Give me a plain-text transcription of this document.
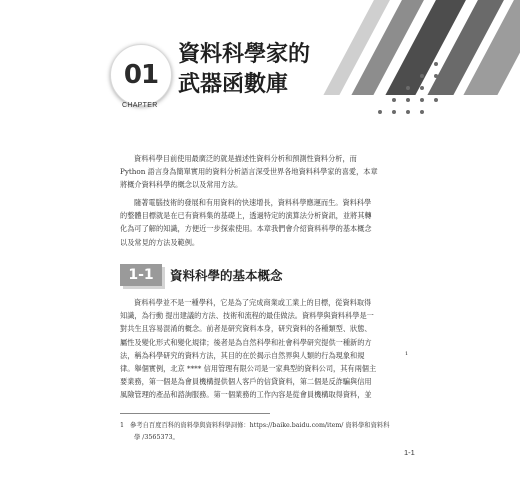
01
CHAPTER
資料科學家的
武器函數庫
資料科學目前使用最廣泛的就是描述性資料分析和預測性資料分析，而
Python 語言身為簡單實用的資料分析語言深受世界各地資料科學家的喜愛，本章
將概介資料科學的概念以及常用方法。
隨著電腦技術的發展和有用資料的快速增長，資料科學應運而生。資料科學
的整體目標就是在已有資料集的基礎上，透過特定的演算法分析資訊，並將其轉
化為可了解的知識，方便近一步探索使用。本章我們會介紹資料科學的基本概念
以及常見的方法及範例。
1-1	資料科學的基本概念
資料科學並不是一種學科，它是為了完成商業或工業上的目標，從資料取得
知識，為行動 提出建議的方法、技術和流程的最佳做法。資料學與資料科學是一
對共生且容易混淆的概念。前者是研究資料本身，研究資料的各種類型、狀態、
屬性及變化形式和變化規律；後者是為自然科學和社會科學研究提供一種新的方
法，稱為科學研究的資料方法，其目的在於揭示自然界與人類的行為現象和規
律。舉個實例，北京 **** 信用管理有限公司是一家典型的資料公司，其有兩個主
要業務，第一個是為會員機構提供個人客戶的信貸資料，第二個是反詐騙與信用
風險管理的產品和諮詢服務。第一個業務的工作內容是從會員機構取得資料，並
1
1 參考自百度百科的資料學與資料科學詞條：https://baike.baidu.com/item/ 資料學和資料科
學 /3565373。
1-1
